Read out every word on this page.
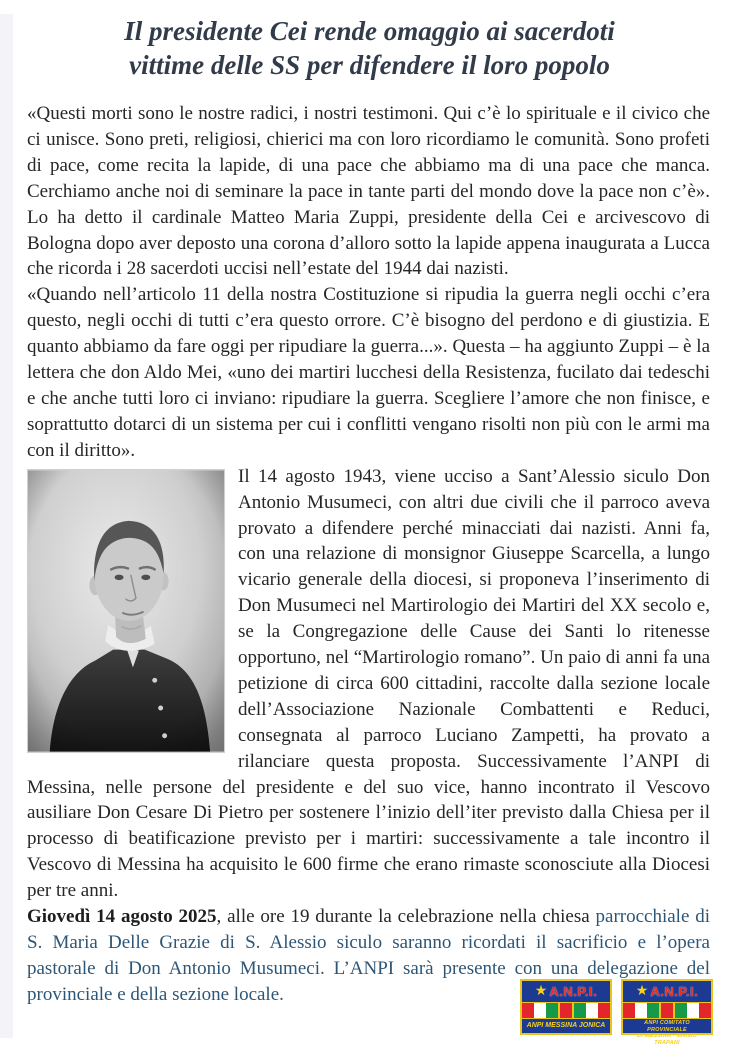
Il presidente Cei rende omaggio ai sacerdoti
vittime delle SS per difendere il loro popolo

«Questi morti sono le nostre radici, i nostri testimoni. Qui c’è lo spirituale e il civico che ci unisce. Sono preti, religiosi, chierici ma con loro ricordiamo le comunità. Sono profeti di pace, come recita la lapide, di una pace che abbiamo ma di una pace che manca. Cerchiamo anche noi di seminare la pace in tante parti del mondo dove la pace non c’è». Lo ha detto il cardinale Matteo Maria Zuppi, presidente della Cei e arcivescovo di Bologna dopo aver deposto una corona d’alloro sotto la lapide appena inaugurata a Lucca che ricorda i 28 sacerdoti uccisi nell’estate del 1944 dai nazisti.

«Quando nell’articolo 11 della nostra Costituzione si ripudia la guerra negli occhi c’era questo, negli occhi di tutti c’era questo orrore. C’è bisogno del perdono e di giustizia. E quanto abbiamo da fare oggi per ripudiare la guerra...». Questa – ha aggiunto Zuppi – è la lettera che don Aldo Mei, «uno dei martiri lucchesi della Resistenza, fucilato dai tedeschi e che anche tutti loro ci inviano: ripudiare la guerra. Scegliere l’amore che non finisce, e soprattutto dotarci di un sistema per cui i conflitti vengano risolti non più con le armi ma con il diritto».

Il 14 agosto 1943, viene ucciso a Sant’Alessio siculo Don Antonio Musumeci, con altri due civili che il parroco aveva provato a difendere perché minacciati dai nazisti. Anni fa, con una relazione di monsignor Giuseppe Scarcella, a lungo vicario generale della diocesi, si proponeva l’inserimento di Don Musumeci nel Martirologio dei Martiri del XX secolo e, se la Congregazione delle Cause dei Santi lo ritenesse opportuno, nel “Martirologio romano”. Un paio di anni fa una petizione di circa 600 cittadini, raccolte dalla sezione locale dell’Associazione Nazionale Combattenti e Reduci, consegnata al parroco Luciano Zampetti, ha provato a rilanciare questa proposta. Successivamente l’ANPI di Messina, nelle persone del presidente e del suo vice, hanno incontrato il Vescovo ausiliare Don Cesare Di Pietro per sostenere l’inizio dell’iter previsto dalla Chiesa per il processo di beatificazione previsto per i martiri: successivamente a tale incontro il Vescovo di Messina ha acquisito le 600 firme che erano rimaste sconosciute alla Diocesi per tre anni.

Giovedì 14 agosto 2025, alle ore 19 durante la celebrazione nella chiesa parrocchiale di S. Maria Delle Grazie di S. Alessio siculo saranno ricordati il sacrificio e l’opera pastorale di Don Antonio Musumeci. L’ANPI sarà presente con una delegazione del provinciale e della sezione locale.	★ A.N.P.I.
ANPI MESSINA JONICA
★ A.N.P.I.
ANPI COMITATO PROVINCIALE
DI MESSINA - MIMMO TRAPANI
